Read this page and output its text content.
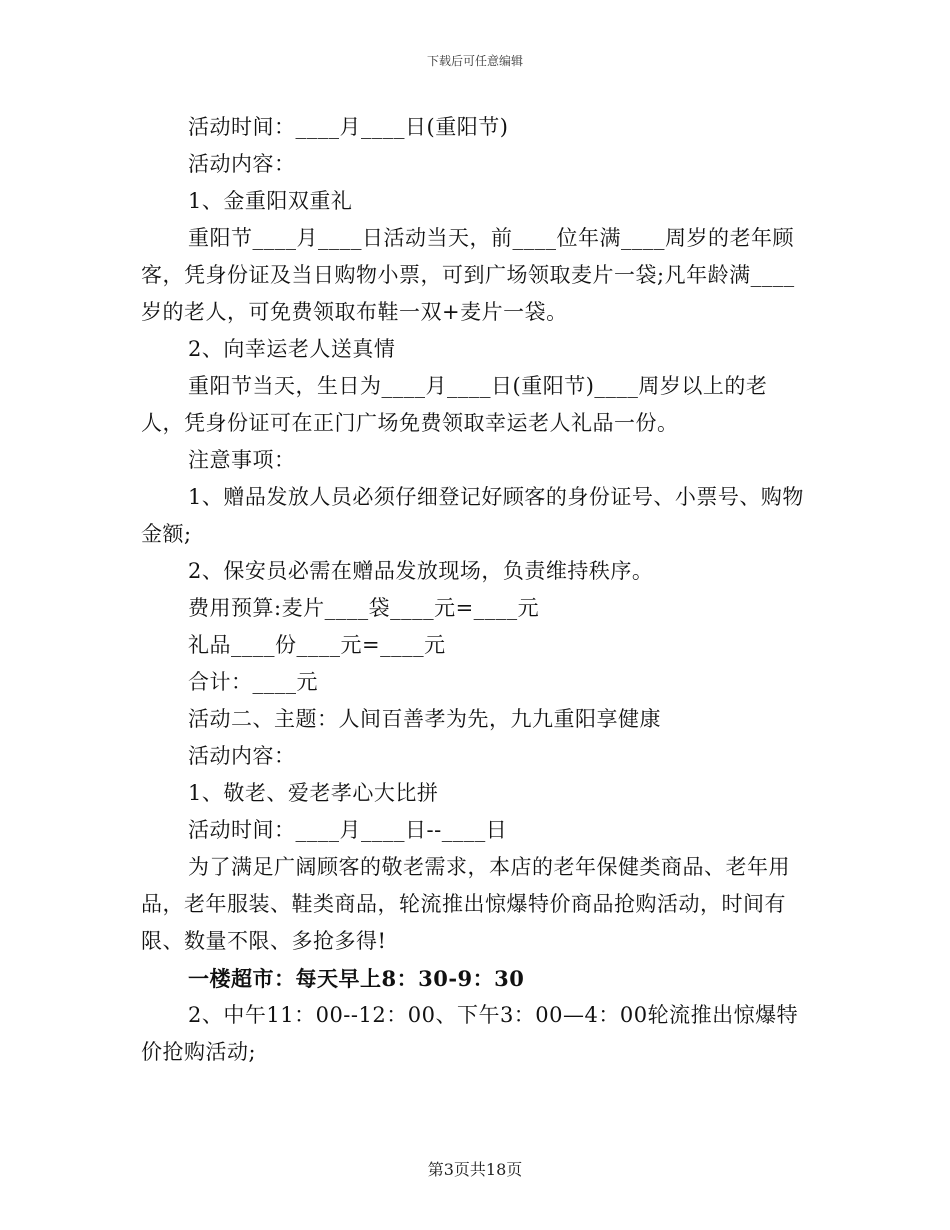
下载后可任意编辑

活动时间：____月____日(重阳节)

活动内容：

1、金重阳双重礼

重阳节____月____日活动当天，前____位年满____周岁的老年顾客，凭身份证及当日购物小票，可到广场领取麦片一袋;凡年龄满____岁的老人，可免费领取布鞋一双+麦片一袋。

2、向幸运老人送真情

重阳节当天，生日为____月____日(重阳节)____周岁以上的老人，凭身份证可在正门广场免费领取幸运老人礼品一份。

注意事项：

1、赠品发放人员必须仔细登记好顾客的身份证号、小票号、购物金额;

2、保安员必需在赠品发放现场，负责维持秩序。

费用预算:麦片____袋____元=____元

礼品____份____元=____元

合计：____元

活动二、主题：人间百善孝为先，九九重阳享健康

活动内容：

1、敬老、爱老孝心大比拼

活动时间：____月____日--____日

为了满足广阔顾客的敬老需求，本店的老年保健类商品、老年用品，老年服装、鞋类商品，轮流推出惊爆特价商品抢购活动，时间有限、数量不限、多抢多得!

一楼超市：每天早上8：30-9：30

2、中午11：00--12：00、下午3：00—4：00轮流推出惊爆特价抢购活动;

第3页共18页
